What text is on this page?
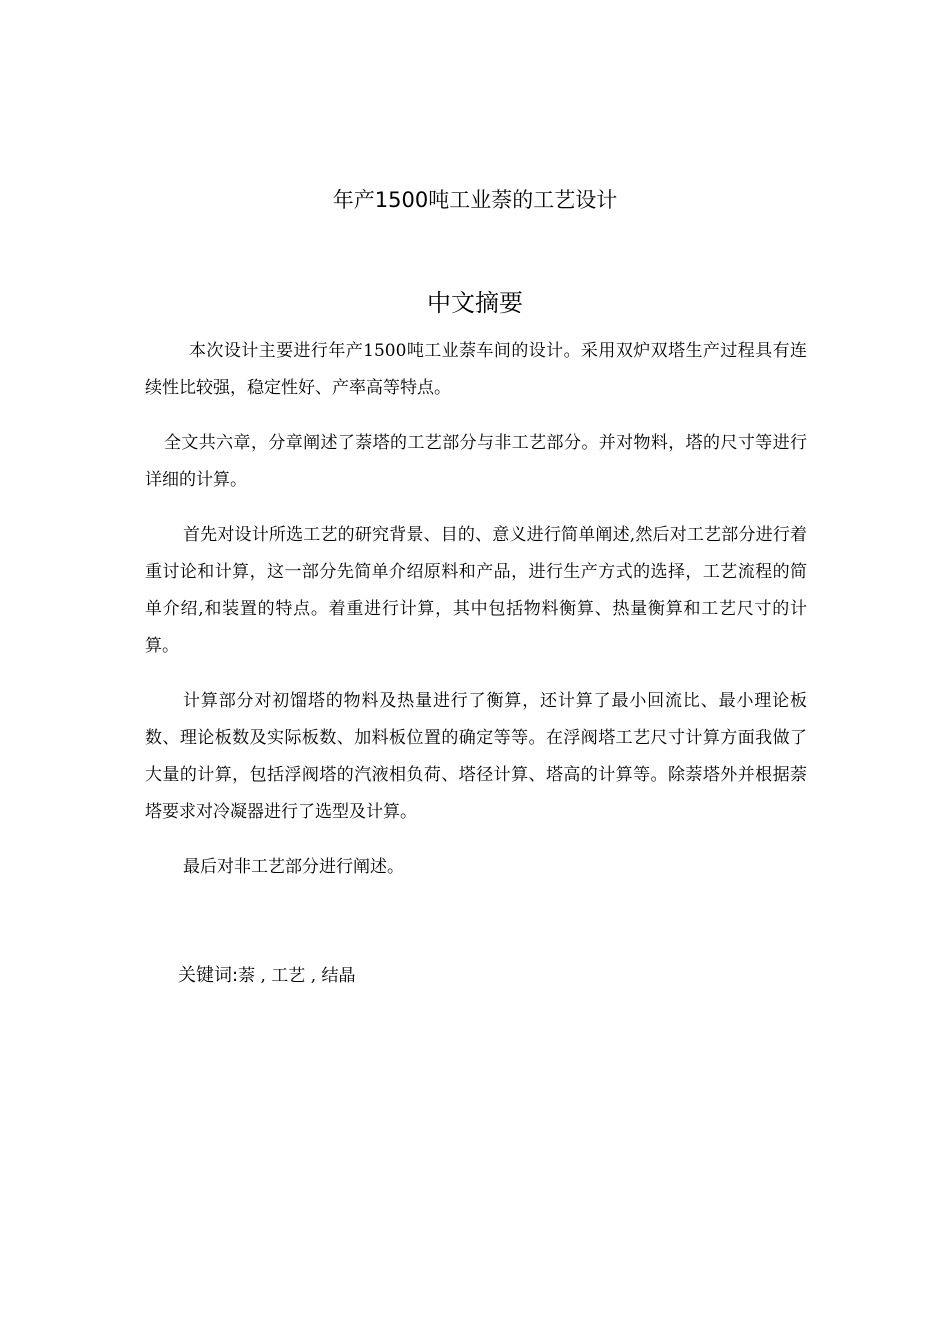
年产1500吨工业萘的工艺设计
中文摘要

本次设计主要进行年产1500吨工业萘车间的设计。采用双炉双塔生产过程具有连续性比较强，稳定性好、产率高等特点。

全文共六章，分章阐述了萘塔的工艺部分与非工艺部分。并对物料，塔的尺寸等进行详细的计算。

首先对设计所选工艺的研究背景、目的、意义进行简单阐述,然后对工艺部分进行着重讨论和计算，这一部分先简单介绍原料和产品，进行生产方式的选择，工艺流程的简单介绍,和装置的特点。着重进行计算，其中包括物料衡算、热量衡算和工艺尺寸的计算。

计算部分对初馏塔的物料及热量进行了衡算，还计算了最小回流比、最小理论板数、理论板数及实际板数、加料板位置的确定等等。在浮阀塔工艺尺寸计算方面我做了大量的计算，包括浮阀塔的汽液相负荷、塔径计算、塔高的计算等。除萘塔外并根据萘塔要求对冷凝器进行了选型及计算。

最后对非工艺部分进行阐述。

关键词:萘 , 工艺 , 结晶
